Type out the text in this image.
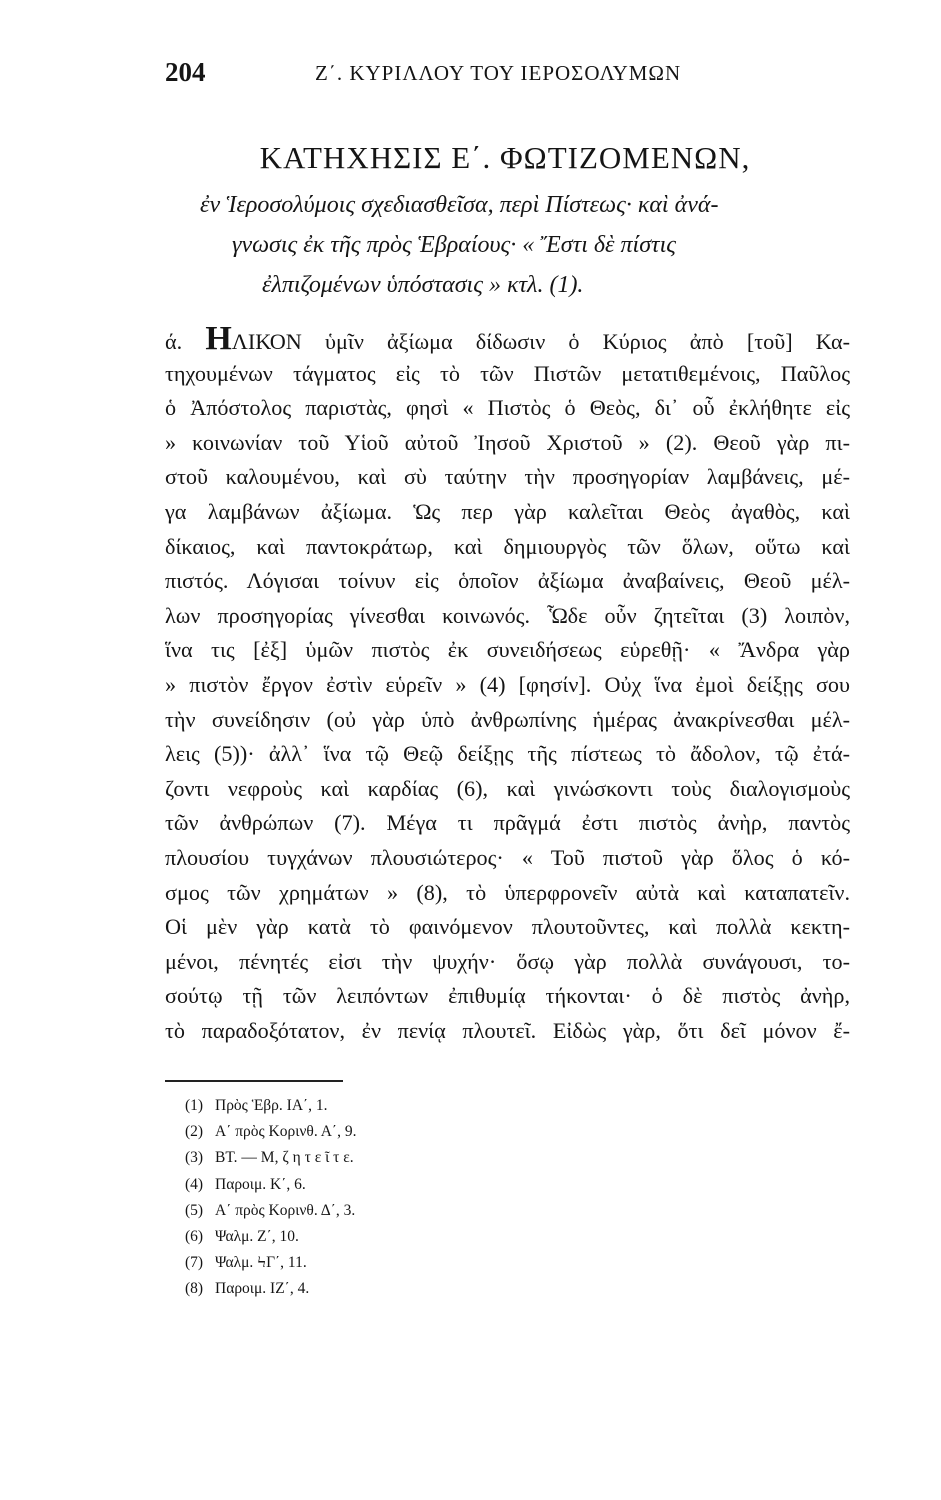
204	Ζ΄. ΚΥΡΙΛΛΟΥ ΤΟΥ ΙΕΡΟΣΟΛΥΜΩΝ
ΚΑΤΗΧΗΣΙΣ Ε΄. ΦΩΤΙΖΟΜΕΝΩΝ,
ἐν Ἱεροσολύμοις σχεδιασθεῖσα, περὶ Πίστεως· καὶ ἀνά-
γνωσις ἐκ τῆς πρὸς Ἑβραίους· « Ἔστι δὲ πίστις
ἐλπιζομένων ὑπόστασις » κτλ. (1).
ά. ΗΛΙΚΟΝ ὑμῖν ἀξίωμα δίδωσιν ὁ Κύριος ἀπὸ [τοῦ] Κα-
τηχουμένων τάγματος εἰς τὸ τῶν Πιστῶν μετατιθεμένοις, Παῦλος
ὁ Ἀπόστολος παριστὰς, φησὶ « Πιστὸς ὁ Θεὸς, δι᾽ οὗ ἐκλήθητε εἰς
» κοινωνίαν τοῦ Υἱοῦ αὐτοῦ Ἰησοῦ Χριστοῦ » (2). Θεοῦ γὰρ πι-
στοῦ καλουμένου, καὶ σὺ ταύτην τὴν προσηγορίαν λαμβάνεις, μέ-
γα λαμβάνων ἀξίωμα. Ὡς περ γὰρ καλεῖται Θεὸς ἀγαθὸς, καὶ
δίκαιος, καὶ παντοκράτωρ, καὶ δημιουργὸς τῶν ὅλων, οὕτω καὶ
πιστός. Λόγισαι τοίνυν εἰς ὁποῖον ἀξίωμα ἀναβαίνεις, Θεοῦ μέλ-
λων προσηγορίας γίνεσθαι κοινωνός. Ὧδε οὖν ζητεῖται (3) λοιπὸν,
ἵνα τις [ἐξ] ὑμῶν πιστὸς ἐκ συνειδήσεως εὑρεθῇ· « Ἄνδρα γὰρ
» πιστὸν ἔργον ἐστὶν εὑρεῖν » (4) [φησίν]. Οὐχ ἵνα ἐμοὶ δείξῃς σου
τὴν συνείδησιν (οὐ γὰρ ὑπὸ ἀνθρωπίνης ἡμέρας ἀνακρίνεσθαι μέλ-
λεις (5))· ἀλλ᾽ ἵνα τῷ Θεῷ δείξῃς τῆς πίστεως τὸ ἄδολον, τῷ ἐτά-
ζοντι νεφροὺς καὶ καρδίας (6), καὶ γινώσκοντι τοὺς διαλογισμοὺς
τῶν ἀνθρώπων (7). Μέγα τι πρᾶγμά ἐστι πιστὸς ἀνὴρ, παντὸς
πλουσίου τυγχάνων πλουσιώτερος· « Τοῦ πιστοῦ γὰρ ὅλος ὁ κό-
σμος τῶν χρημάτων » (8), τὸ ὑπερφρονεῖν αὐτὰ καὶ καταπατεῖν.
Οἱ μὲν γὰρ κατὰ τὸ φαινόμενον πλουτοῦντες, καὶ πολλὰ κεκτη-
μένοι, πένητές εἰσι τὴν ψυχήν· ὅσῳ γὰρ πολλὰ συνάγουσι, το-
σούτῳ τῇ τῶν λειπόντων ἐπιθυμίᾳ τήκονται· ὁ δὲ πιστὸς ἀνὴρ,
τὸ παραδοξότατον, ἐν πενίᾳ πλουτεῖ. Εἰδὼς γὰρ, ὅτι δεῖ μόνον ἔ-
(1) Πρὸς Ἑβρ. ΙΑ΄, 1.
(2) Α΄ πρὸς Κορινθ. Α΄, 9.
(3) ΒΤ. — Μ, ζ η τ ε ῖ τ ε.
(4) Παροιμ. Κ΄, 6.
(5) Α΄ πρὸς Κορινθ. Δ΄, 3.
(6) Ψαλμ. Ζ΄, 10.
(7) Ψαλμ. ϞΓ΄, 11.
(8) Παροιμ. ΙΖ΄, 4.
